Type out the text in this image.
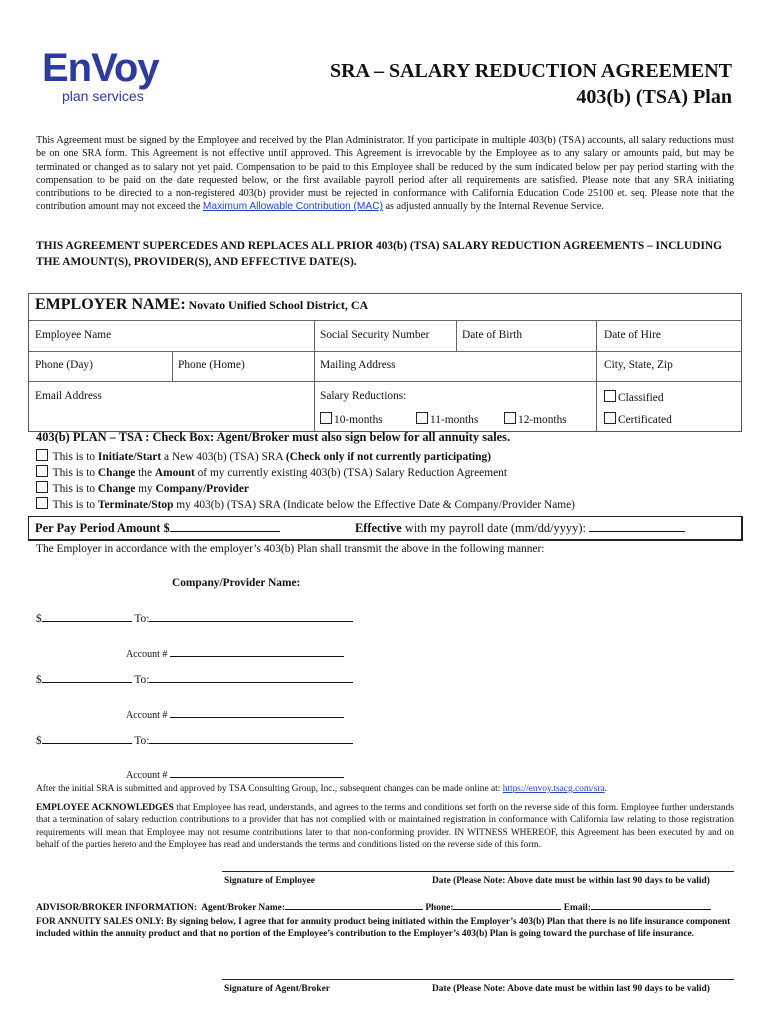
EnVoy
plan services
SRA – SALARY REDUCTION AGREEMENT
403(b) (TSA) Plan
This Agreement must be signed by the Employee and received by the Plan Administrator. If you participate in multiple 403(b) (TSA) accounts, all salary reductions must be on one SRA form. This Agreement is not effective until approved. This Agreement is irrevocable by the Employee as to any salary or amounts paid, but may be terminated or changed as to salary not yet paid. Compensation to be paid to this Employee shall be reduced by the sum indicated below per pay period starting with the compensation to be paid on the date requested below, or the first available payroll period after all requirements are satisfied. Please note that any SRA initiating contributions to be directed to a non-registered 403(b) provider must be rejected in conformance with California Education Code 25100 et. seq. Please note that the contribution amount may not exceed the Maximum Allowable Contribution (MAC) as adjusted annually by the Internal Revenue Service.
THIS AGREEMENT SUPERCEDES AND REPLACES ALL PRIOR 403(b) (TSA) SALARY REDUCTION AGREEMENTS – INCLUDING THE AMOUNT(S), PROVIDER(S), AND EFFECTIVE DATE(S).
EMPLOYER NAME: Novato Unified School District, CA
Employee Name	Social Security Number	Date of Birth	Date of Hire
Phone (Day)	Phone (Home)	Mailing Address	City, State, Zip
Email Address	Salary Reductions:
10-months	11-months	12-months
Classified
Certificated
403(b) PLAN – TSA : Check Box: Agent/Broker must also sign below for all annuity sales.
This is to Initiate/Start a New 403(b) (TSA) SRA (Check only if not currently participating)
This is to Change the Amount of my currently existing 403(b) (TSA) Salary Reduction Agreement
This is to Change my Company/Provider
This is to Terminate/Stop my 403(b) (TSA) SRA (Indicate below the Effective Date & Company/Provider Name)
Per Pay Period Amount $	Effective with my payroll date (mm/dd/yyyy):
The Employer in accordance with the employer’s 403(b) Plan shall transmit the above in the following manner:
Company/Provider Name:
$	To:
Account #
$	To:
Account #
$	To:
Account #
After the initial SRA is submitted and approved by TSA Consulting Group, Inc., subsequent changes can be made online at: https://envoy.tsacg.com/sra.
EMPLOYEE ACKNOWLEDGES that Employee has read, understands, and agrees to the terms and conditions set forth on the reverse side of this form. Employee further understands that a termination of salary reduction contributions to a provider that has not complied with or maintained registration in conformance with California law relating to those registration requirements will mean that Employee may not resume contributions later to that non-conforming provider. IN WITNESS WHEREOF, this Agreement has been executed by and on behalf of the parties hereto and the Employee has read and understands the terms and conditions listed on the reverse side of this form.
Signature of Employee	Date (Please Note: Above date must be within last 90 days to be valid)
ADVISOR/BROKER INFORMATION: Agent/Broker Name:	Phone:	Email:
FOR ANNUITY SALES ONLY: By signing below, I agree that for annuity product being initiated within the Employer’s 403(b) Plan that there is no life insurance component included within the annuity product and that no portion of the Employee’s contribution to the Employer’s 403(b) Plan is going toward the purchase of life insurance.
Signature of Agent/Broker	Date (Please Note: Above date must be within last 90 days to be valid)
